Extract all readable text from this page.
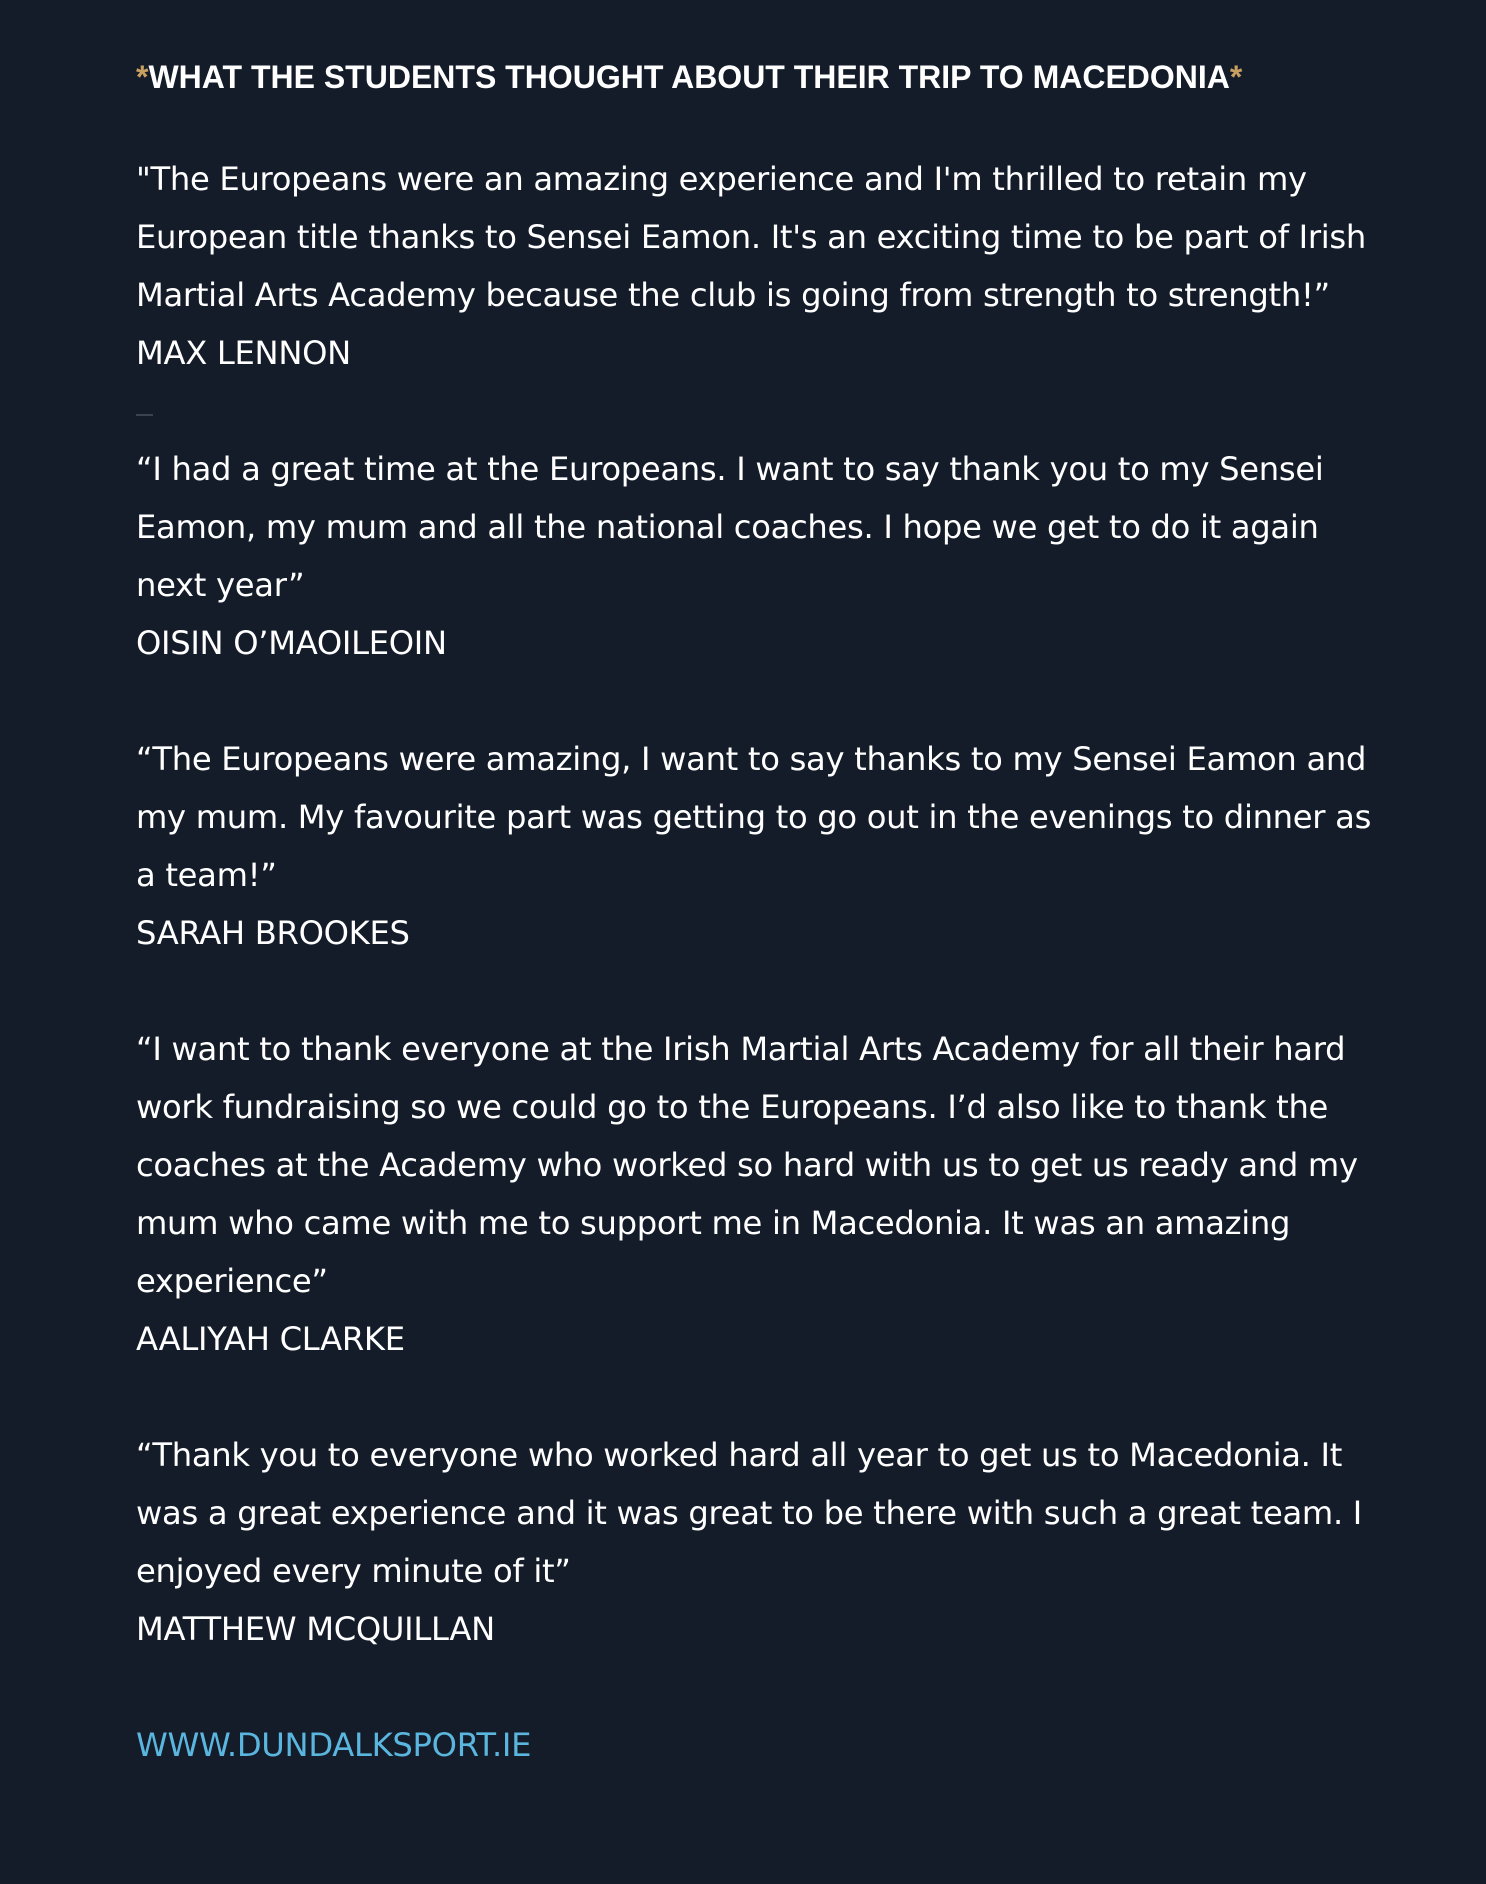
*WHAT THE STUDENTS THOUGHT ABOUT THEIR TRIP TO MACEDONIA*

"The Europeans were an amazing experience and I'm thrilled to retain my European title thanks to Sensei Eamon. It's an exciting time to be part of Irish Martial Arts Academy because the club is going from strength to strength!”

MAX LENNON

“I had a great time at the Europeans. I want to say thank you to my Sensei Eamon, my mum and all the national coaches. I hope we get to do it again next year”

OISIN O’MAOILEOIN

“The Europeans were amazing, I want to say thanks to my Sensei Eamon and my mum. My favourite part was getting to go out in the evenings to dinner as a team!”

SARAH BROOKES

“I want to thank everyone at the Irish Martial Arts Academy for all their hard work fundraising so we could go to the Europeans. I’d also like to thank the coaches at the Academy who worked so hard with us to get us ready and my mum who came with me to support me in Macedonia. It was an amazing experience”

AALIYAH CLARKE

“Thank you to everyone who worked hard all year to get us to Macedonia. It was a great experience and it was great to be there with such a great team. I enjoyed every minute of it”

MATTHEW MCQUILLAN

WWW.DUNDALKSPORT.IE
